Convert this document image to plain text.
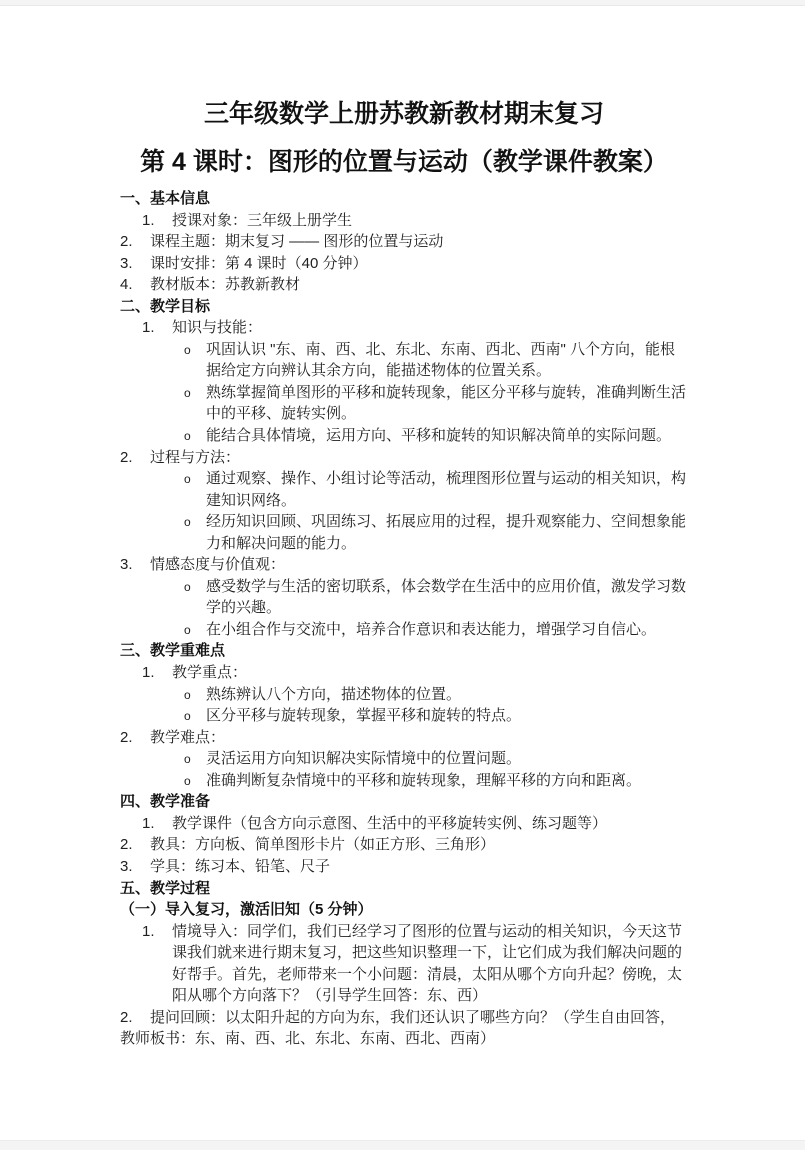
三年级数学上册苏教新教材期末复习
第 4 课时：图形的位置与运动（教学课件教案）
一、基本信息
1. 授课对象：三年级上册学生
2. 课程主题：期末复习 —— 图形的位置与运动
3. 课时安排：第 4 课时（40 分钟）
4. 教材版本：苏教新教材
二、教学目标
1. 知识与技能：
o 巩固认识 "东、南、西、北、东北、东南、西北、西南" 八个方向，能根据给定方向辨认其余方向，能描述物体的位置关系。
o 熟练掌握简单图形的平移和旋转现象，能区分平移与旋转，准确判断生活中的平移、旋转实例。
o 能结合具体情境，运用方向、平移和旋转的知识解决简单的实际问题。
2. 过程与方法：
o 通过观察、操作、小组讨论等活动，梳理图形位置与运动的相关知识，构建知识网络。
o 经历知识回顾、巩固练习、拓展应用的过程，提升观察能力、空间想象能力和解决问题的能力。
3. 情感态度与价值观：
o 感受数学与生活的密切联系，体会数学在生活中的应用价值，激发学习数学的兴趣。
o 在小组合作与交流中，培养合作意识和表达能力，增强学习自信心。
三、教学重难点
1. 教学重点：
o 熟练辨认八个方向，描述物体的位置。
o 区分平移与旋转现象，掌握平移和旋转的特点。
2. 教学难点：
o 灵活运用方向知识解决实际情境中的位置问题。
o 准确判断复杂情境中的平移和旋转现象，理解平移的方向和距离。
四、教学准备
1. 教学课件（包含方向示意图、生活中的平移旋转实例、练习题等）
2. 教具：方向板、简单图形卡片（如正方形、三角形）
3. 学具：练习本、铅笔、尺子
五、教学过程
（一）导入复习，激活旧知（5 分钟）
1. 情境导入：同学们，我们已经学习了图形的位置与运动的相关知识，今天这节课我们就来进行期末复习，把这些知识整理一下，让它们成为我们解决问题的好帮手。首先，老师带来一个小问题：清晨，太阳从哪个方向升起？傍晚，太阳从哪个方向落下？（引导学生回答：东、西）
2. 提问回顾：以太阳升起的方向为东，我们还认识了哪些方向？（学生自由回答，教师板书：东、南、西、北、东北、东南、西北、西南）
